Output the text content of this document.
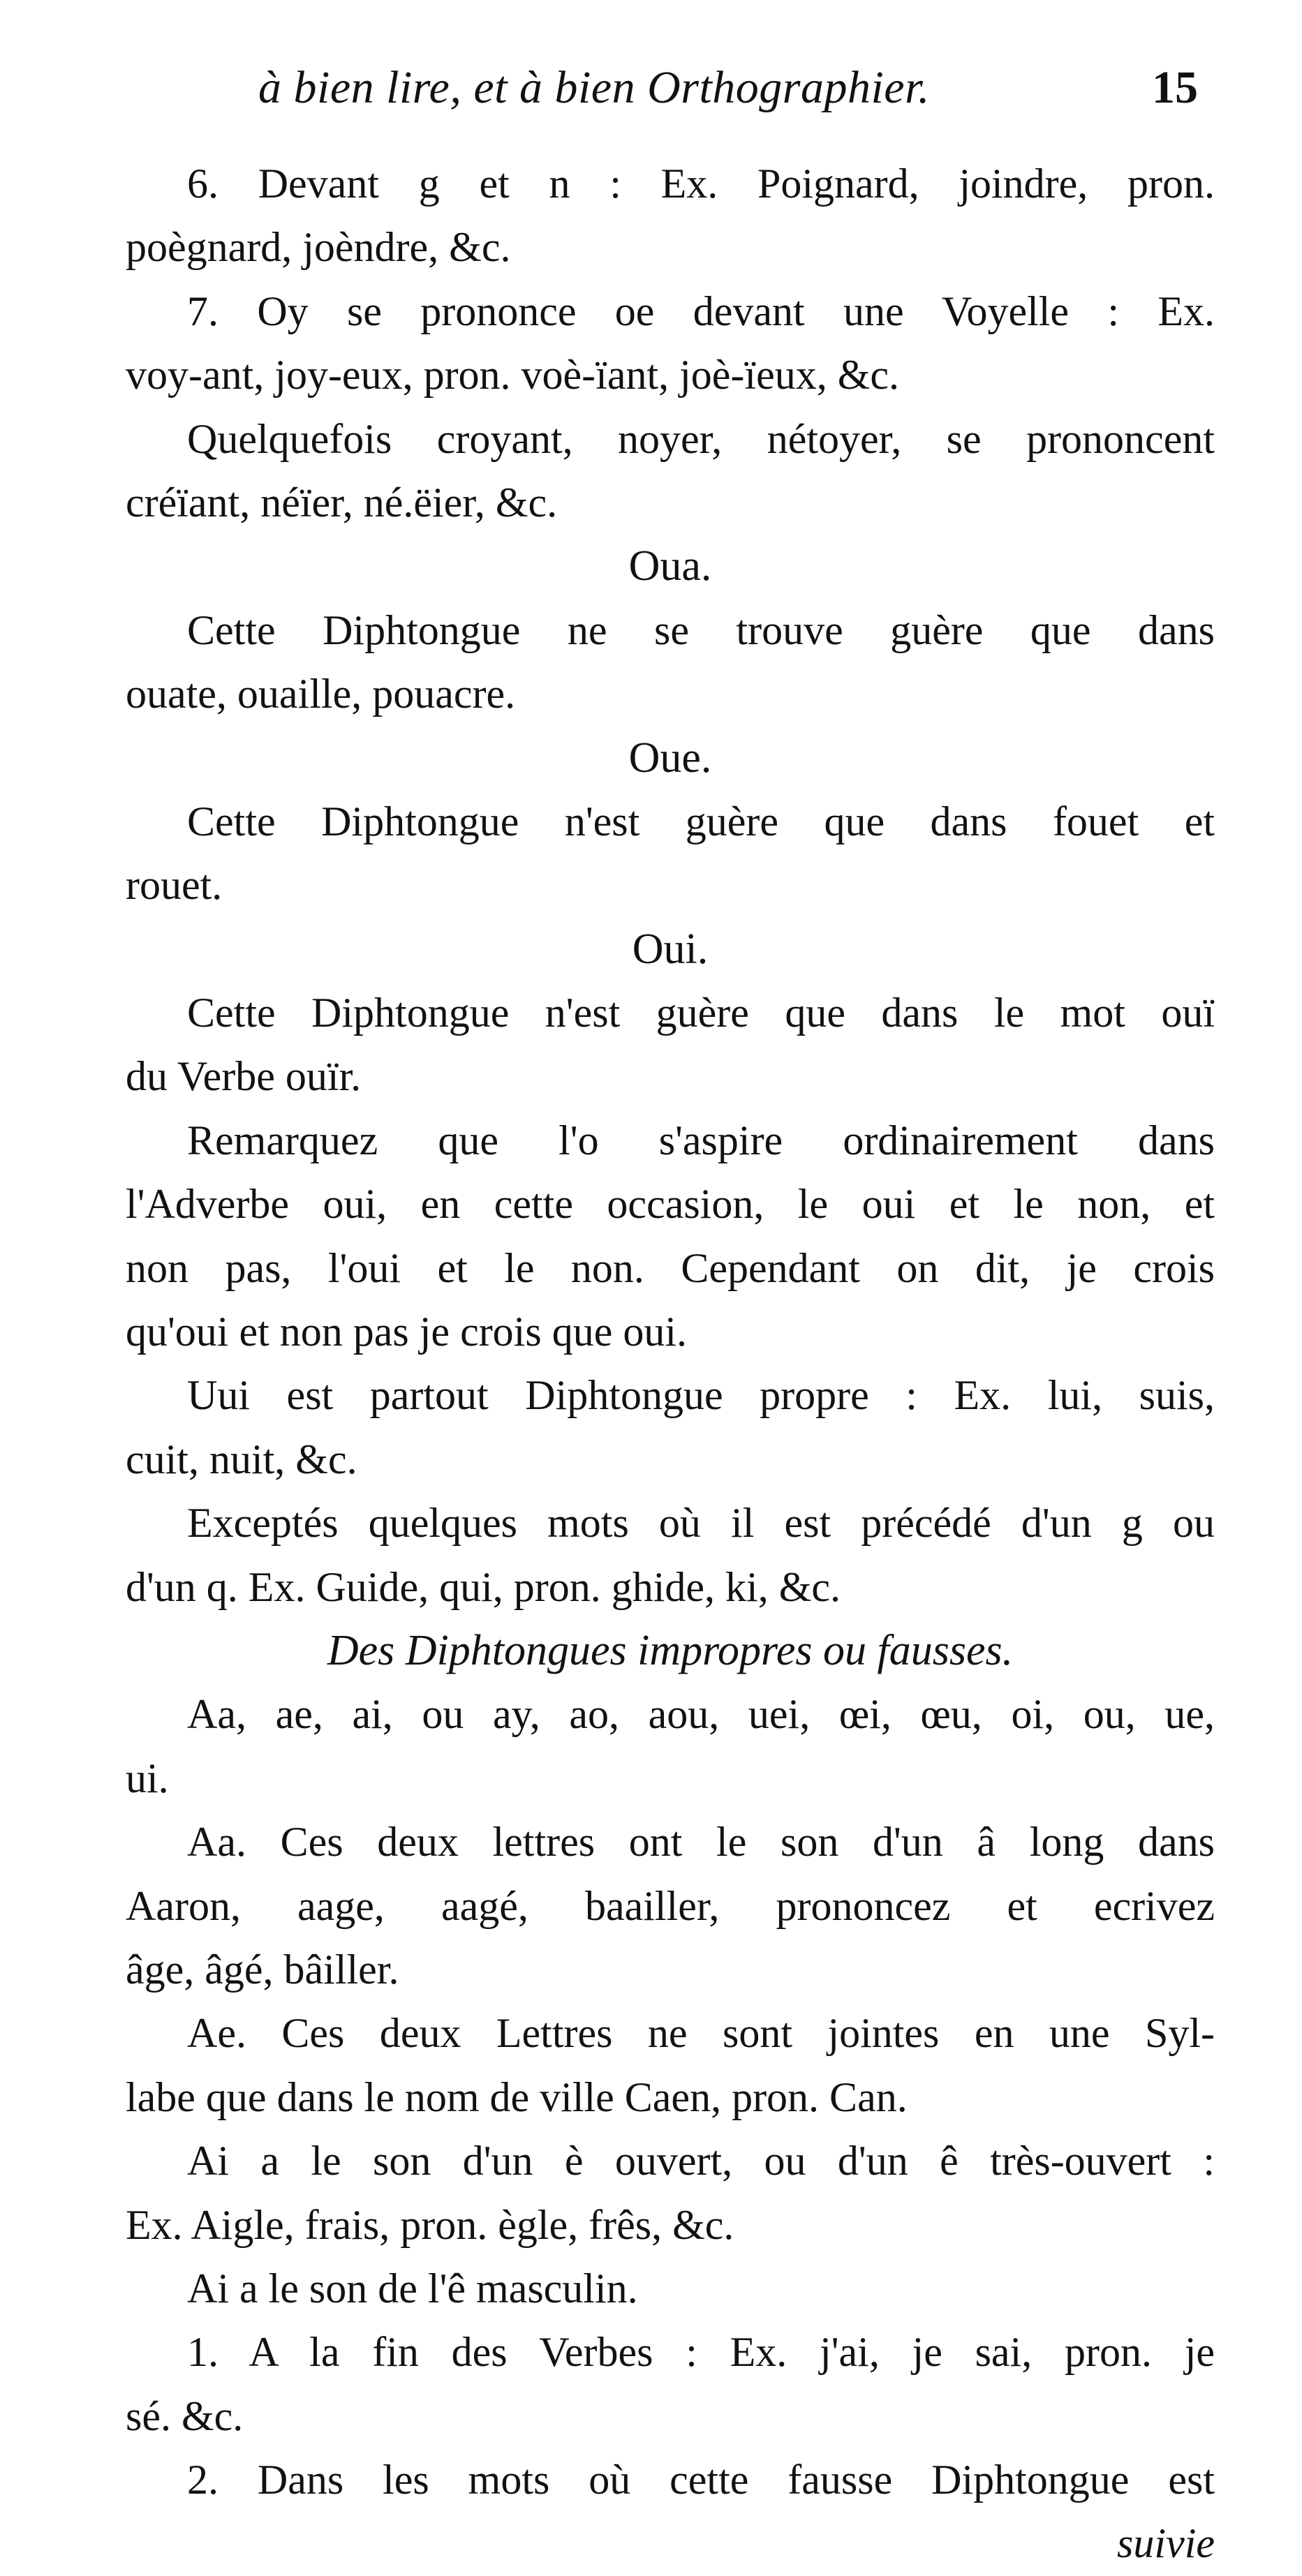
à bien lire, et à bien Orthographier.	15
6. Devant g et n : Ex. Poignard, joindre, pron.
poègnard, joèndre, &c.
7. Oy se prononce oe devant une Voyelle : Ex.
voy-ant, joy-eux, pron. voè-ïant, joè-ïeux, &c.
Quelquefois croyant, noyer, nétoyer, se prononcent
créïant, néïer, né.ëier, &c.
Oua.
Cette Diphtongue ne se trouve guère que dans
ouate, ouaille, pouacre.
Oue.
Cette Diphtongue n'est guère que dans fouet et
rouet.
Oui.
Cette Diphtongue n'est guère que dans le mot ouï
du Verbe ouïr.
Remarquez que l'o s'aspire ordinairement dans
l'Adverbe oui, en cette occasion, le oui et le non, et
non pas, l'oui et le non. Cependant on dit, je crois
qu'oui et non pas je crois que oui.
Uui est partout Diphtongue propre : Ex. lui, suis,
cuit, nuit, &c.
Exceptés quelques mots où il est précédé d'un g ou
d'un q. Ex. Guide, qui, pron. ghide, ki, &c.
Des Diphtongues impropres ou fausses.
Aa, ae, ai, ou ay, ao, aou, uei, œi, œu, oi, ou, ue,
ui.
Aa. Ces deux lettres ont le son d'un â long dans
Aaron, aage, aagé, baailler, prononcez et ecrivez
âge, âgé, bâiller.
Ae. Ces deux Lettres ne sont jointes en une Syl-
labe que dans le nom de ville Caen, pron. Can.
Ai a le son d'un è ouvert, ou d'un ê très-ouvert :
Ex. Aigle, frais, pron. ègle, frês, &c.
Ai a le son de l'ê masculin.
1. A la fin des Verbes : Ex. j'ai, je sai, pron. je
sé. &c.
2. Dans les mots où cette fausse Diphtongue est
suivie
